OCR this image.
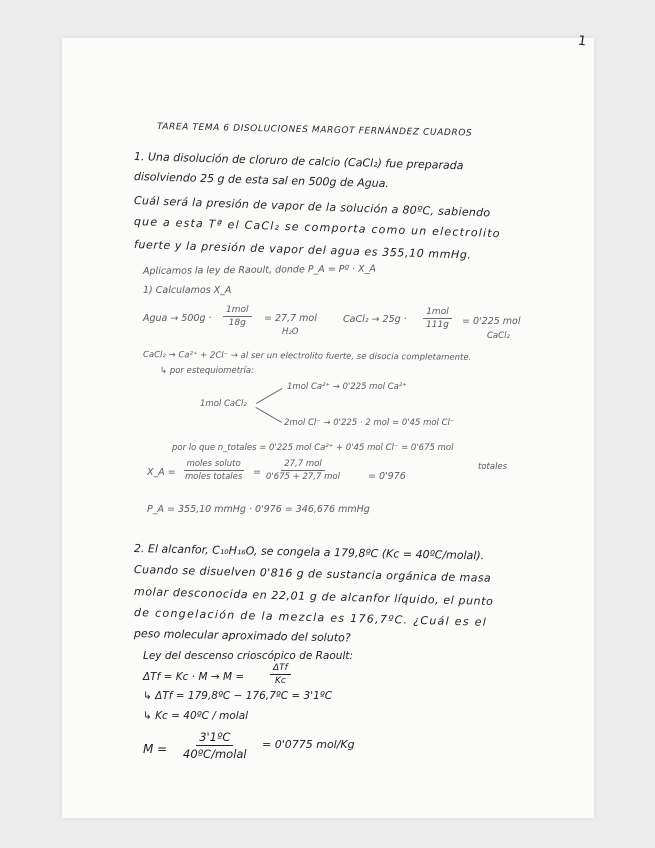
1
TAREA TEMA 6 DISOLUCIONES MARGOT FERNÁNDEZ CUADROS
1. Una disolución de cloruro de calcio (CaCl₂) fue preparada
disolviendo 25 g de esta sal en 500g de Agua.
Cuál será la presión de vapor de la solución a 80ºC, sabiendo
que a esta Tª el CaCl₂ se comporta como un electrolito
fuerte y la presión de vapor del agua es 355,10 mmHg.
Aplicamos la ley de Raoult, donde P_A = Pº · X_A
1) Calculamos X_A
Agua → 500g ·
1mol
18g	= 27,7 mol
H₂O
CaCl₂ → 25g ·
1mol
111g	= 0'225 mol
CaCl₂
CaCl₂ → Ca²⁺ + 2Cl⁻ → al ser un electrolito fuerte, se disocia completamente.
↳ por estequiometría:
1mol CaCl₂
1mol Ca²⁺ → 0'225 mol Ca²⁺
2mol Cl⁻ → 0'225 · 2 mol = 0'45 mol Cl⁻
por lo que n_totales = 0'225 mol Ca²⁺ + 0'45 mol Cl⁻ = 0'675 mol
totales
X_A =
moles soluto
moles totales	=
27,7 mol
0'675 + 27,7 mol	= 0'976
P_A = 355,10 mmHg · 0'976 = 346,676 mmHg
2. El alcanfor, C₁₀H₁₆O, se congela a 179,8ºC (Kc = 40ºC/molal).
Cuando se disuelven 0'816 g de sustancia orgánica de masa
molar desconocida en 22,01 g de alcanfor líquido, el punto
de congelación de la mezcla es 176,7ºC. ¿Cuál es el
peso molecular aproximado del soluto?
Ley del descenso crioscópico de Raoult:
ΔTf = Kc · M → M =
ΔTf
Kc
↳ ΔTf = 179,8ºC − 176,7ºC = 3'1ºC
↳ Kc = 40ºC / molal
M =
3'1ºC
40ºC/molal
= 0'0775 mol/Kg
